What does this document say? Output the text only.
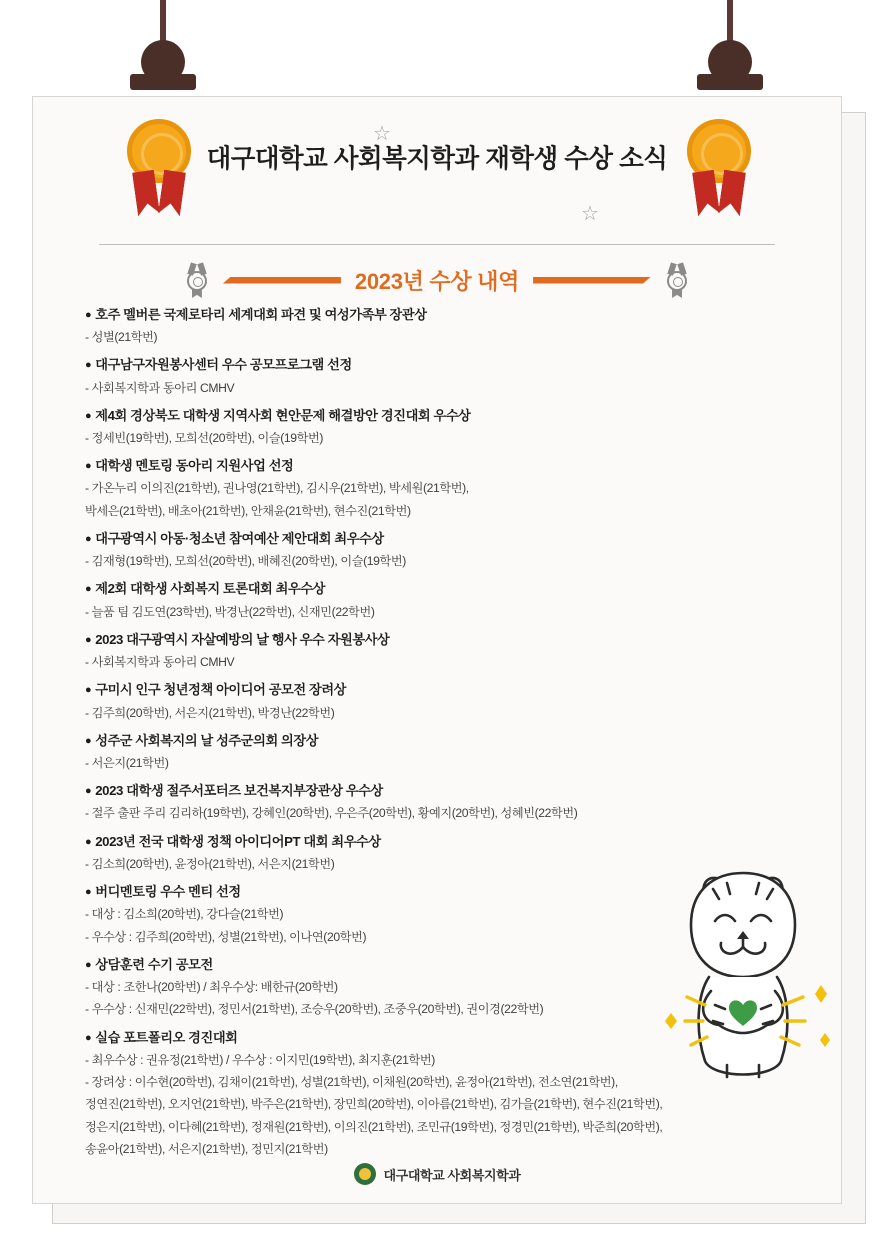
☆
☆
대구대학교 사회복지학과 재학생 수상 소식
2023년 수상 내역
● 호주 멜버른 국제로타리 세계대회 파견 및 여성가족부 장관상
- 성별(21학번)
● 대구남구자원봉사센터 우수 공모프로그램 선정
- 사회복지학과 동아리 CMHV
● 제4회 경상북도 대학생 지역사회 현안문제 해결방안 경진대회 우수상
- 정세빈(19학번), 모희선(20학번), 이슬(19학번)
● 대학생 멘토링 동아리 지원사업 선정
- 가온누리 이의진(21학번), 권나영(21학번), 김시우(21학번), 박세원(21학번),
박세은(21학번), 배초아(21학번), 안채윤(21학번), 현수진(21학번)
● 대구광역시 아동·청소년 참여예산 제안대회 최우수상
- 김재형(19학번), 모희선(20학번), 배혜진(20학번), 이슬(19학번)
● 제2회 대학생 사회복지 토론대회 최우수상
- 늘품 팀 김도연(23학번), 박경난(22학번), 신재민(22학번)
● 2023 대구광역시 자살예방의 날 행사 우수 자원봉사상
- 사회복지학과 동아리 CMHV
● 구미시 인구 청년정책 아이디어 공모전 장려상
- 김주희(20학번), 서은지(21학번), 박경난(22학번)
● 성주군 사회복지의 날 성주군의회 의장상
- 서은지(21학번)
● 2023 대학생 절주서포터즈 보건복지부장관상 우수상
- 절주 출판 주리 김리하(19학번), 강혜인(20학번), 우은주(20학번), 황예지(20학번), 성혜빈(22학번)
● 2023년 전국 대학생 정책 아이디어PT 대회 최우수상
- 김소희(20학번), 윤정아(21학번), 서은지(21학번)
● 버디멘토링 우수 멘티 선정
- 대상 : 김소희(20학번), 강다슬(21학번)
- 우수상 : 김주희(20학번), 성별(21학번), 이나연(20학번)
● 상담훈련 수기 공모전
- 대상 : 조한나(20학번) / 최우수상: 배한규(20학번)
- 우수상 : 신재민(22학번), 정민서(21학번), 조승우(20학번), 조중우(20학번), 권이경(22학번)
● 실습 포트폴리오 경진대회
- 최우수상 : 권유정(21학번) / 우수상 : 이지민(19학번), 최지훈(21학번)
- 장려상 : 이수현(20학번), 김채이(21학번), 성별(21학번), 이채원(20학번), 윤정아(21학번), 전소연(21학번),
정연진(21학번), 오지언(21학번), 박주은(21학번), 장민희(20학번), 이아름(21학번), 김가을(21학번), 현수진(21학번),
정은지(21학번), 이다혜(21학번), 정재원(21학번), 이의진(21학번), 조민규(19학번), 정경민(21학번), 박준희(20학번),
송윤아(21학번), 서은지(21학번), 정민지(21학번)
대구대학교 사회복지학과
